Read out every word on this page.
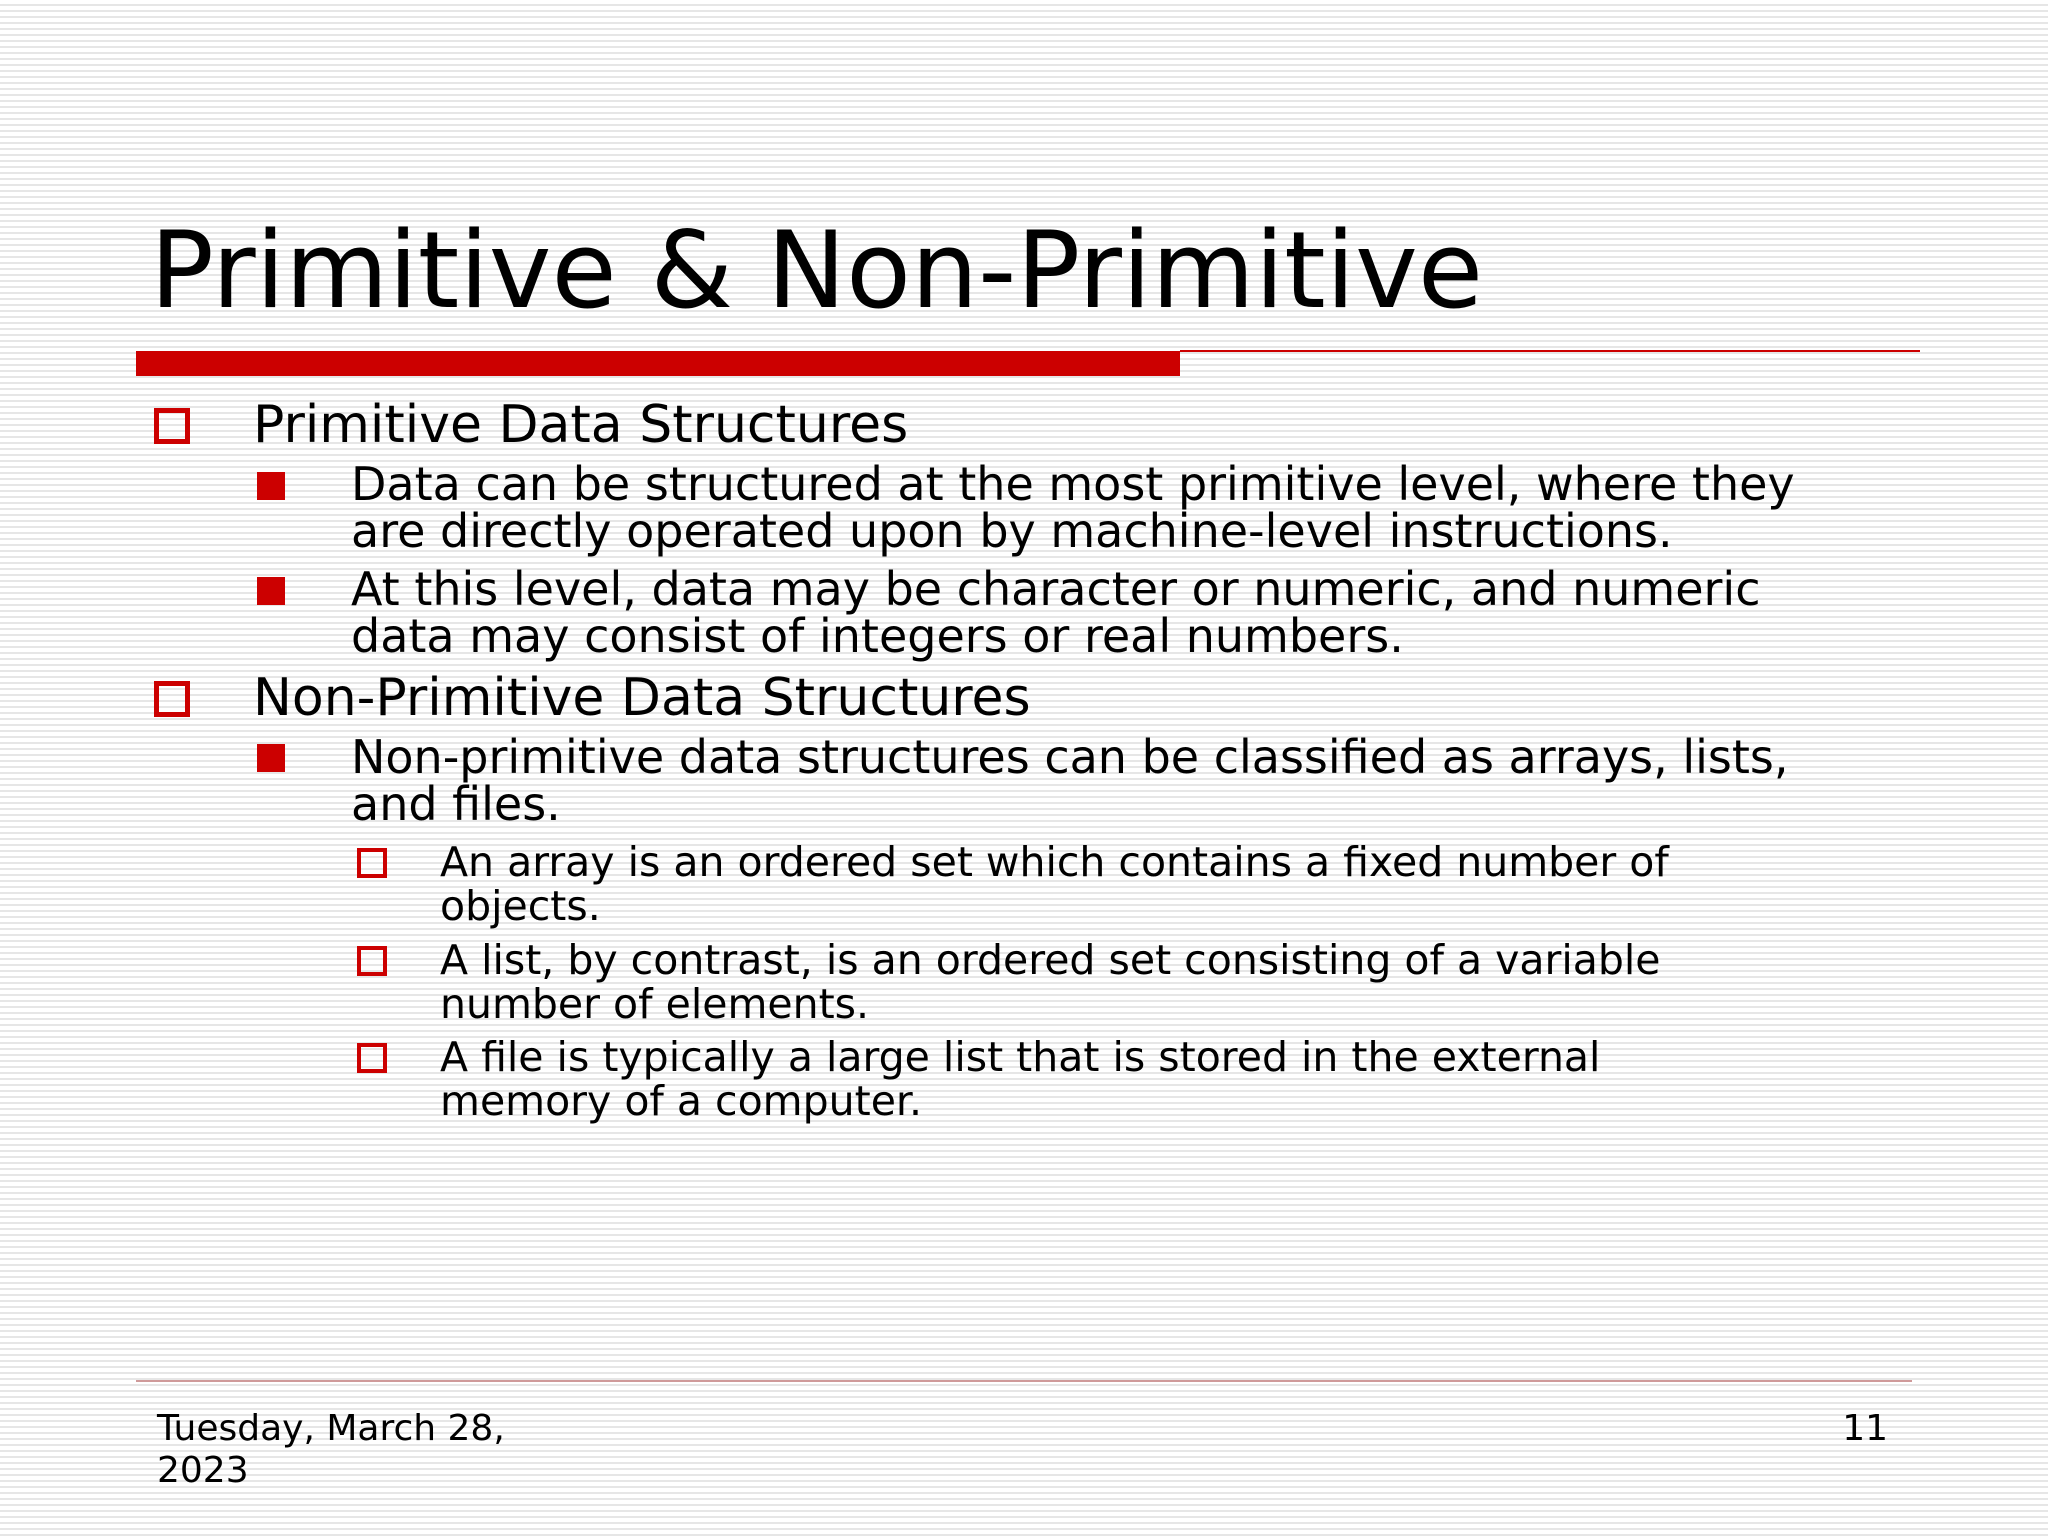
Primitive & Non-Primitive
Primitive Data Structures
Data can be structured at the most primitive level, where they
are directly operated upon by machine-level instructions.
At this level, data may be character or numeric, and numeric
data may consist of integers or real numbers.
Non-Primitive Data Structures
Non-primitive data structures can be classified as arrays, lists,
and files.
An array is an ordered set which contains a fixed number of
objects.
A list, by contrast, is an ordered set consisting of a variable
number of elements.
A file is typically a large list that is stored in the external
memory of a computer.
Tuesday, March 28, 2023
11
